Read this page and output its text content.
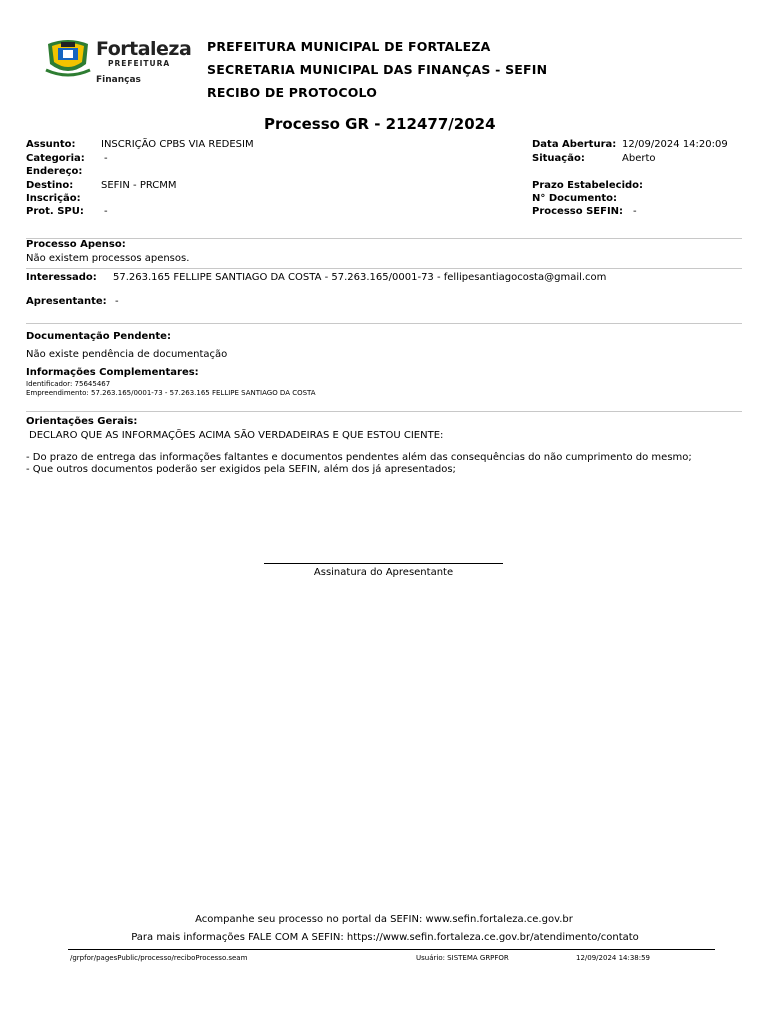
Fortaleza
PREFEITURA
Finanças
PREFEITURA MUNICIPAL DE FORTALEZA
SECRETARIA MUNICIPAL DAS FINANÇAS - SEFIN
RECIBO DE PROTOCOLO
Processo GR - 212477/2024
Assunto:	INSCRIÇÃO CPBS VIA REDESIM
Categoria: -
Endereço:
Destino:	SEFIN - PRCMM
Inscrição:
Prot. SPU: -
Data Abertura: 12/09/2024 14:20:09
Situação:	Aberto
Prazo Estabelecido:
N° Documento:
Processo SEFIN: -
Processo Apenso:
Não existem processos apensos.
Interessado: 57.263.165 FELLIPE SANTIAGO DA COSTA - 57.263.165/0001-73 - fellipesantiagocosta@gmail.com
Apresentante: -
Documentação Pendente:
Não existe pendência de documentação
Informações Complementares:
Identificador: 75645467
Empreendimento: 57.263.165/0001-73 - 57.263.165 FELLIPE SANTIAGO DA COSTA
Orientações Gerais:
DECLARO QUE AS INFORMAÇÕES ACIMA SÃO VERDADEIRAS E QUE ESTOU CIENTE:
- Do prazo de entrega das informações faltantes e documentos pendentes além das consequências do não cumprimento do mesmo;
- Que outros documentos poderão ser exigidos pela SEFIN, além dos já apresentados;
Assinatura do Apresentante
Acompanhe seu processo no portal da SEFIN: www.sefin.fortaleza.ce.gov.br
Para mais informações FALE COM A SEFIN: https://www.sefin.fortaleza.ce.gov.br/atendimento/contato
/grpfor/pagesPublic/processo/reciboProcesso.seam	Usuário: SISTEMA GRPFOR	12/09/2024 14:38:59
